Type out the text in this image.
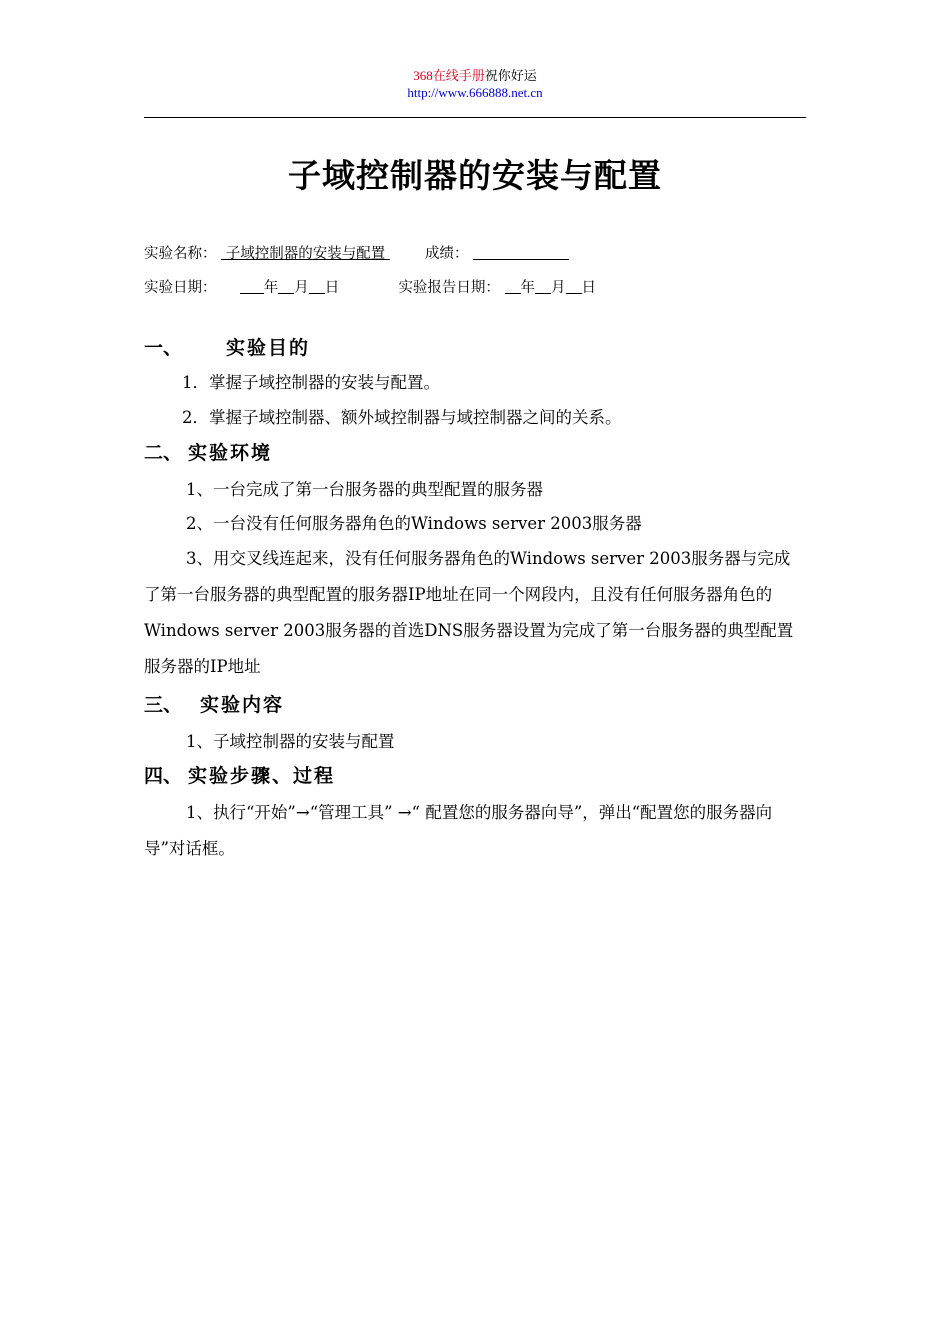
368在线手册祝你好运
http://www.666888.net.cn
子域控制器的安装与配置
实验名称：  子域控制器的安装与配置   成绩：
实验日期：	年 月 日	实验报告日期： 年 月 日
一、 实验目的
1．掌握子域控制器的安装与配置。
2．掌握子域控制器、额外域控制器与域控制器之间的关系。
二、 实验环境
1、一台完成了第一台服务器的典型配置的服务器
2、一台没有任何服务器角色的Windows server 2003服务器
3、用交叉线连起来，没有任何服务器角色的Windows server 2003服务器与完成了第一台服务器的典型配置的服务器IP地址在同一个网段内，且没有任何服务器角色的Windows server 2003服务器的首选DNS服务器设置为完成了第一台服务器的典型配置服务器的IP地址
三、 实验内容
1、子域控制器的安装与配置
四、 实验步骤、过程
1、执行“开始”→“管理工具” →“ 配置您的服务器向导”，弹出“配置您的服务器向导”对话框。
